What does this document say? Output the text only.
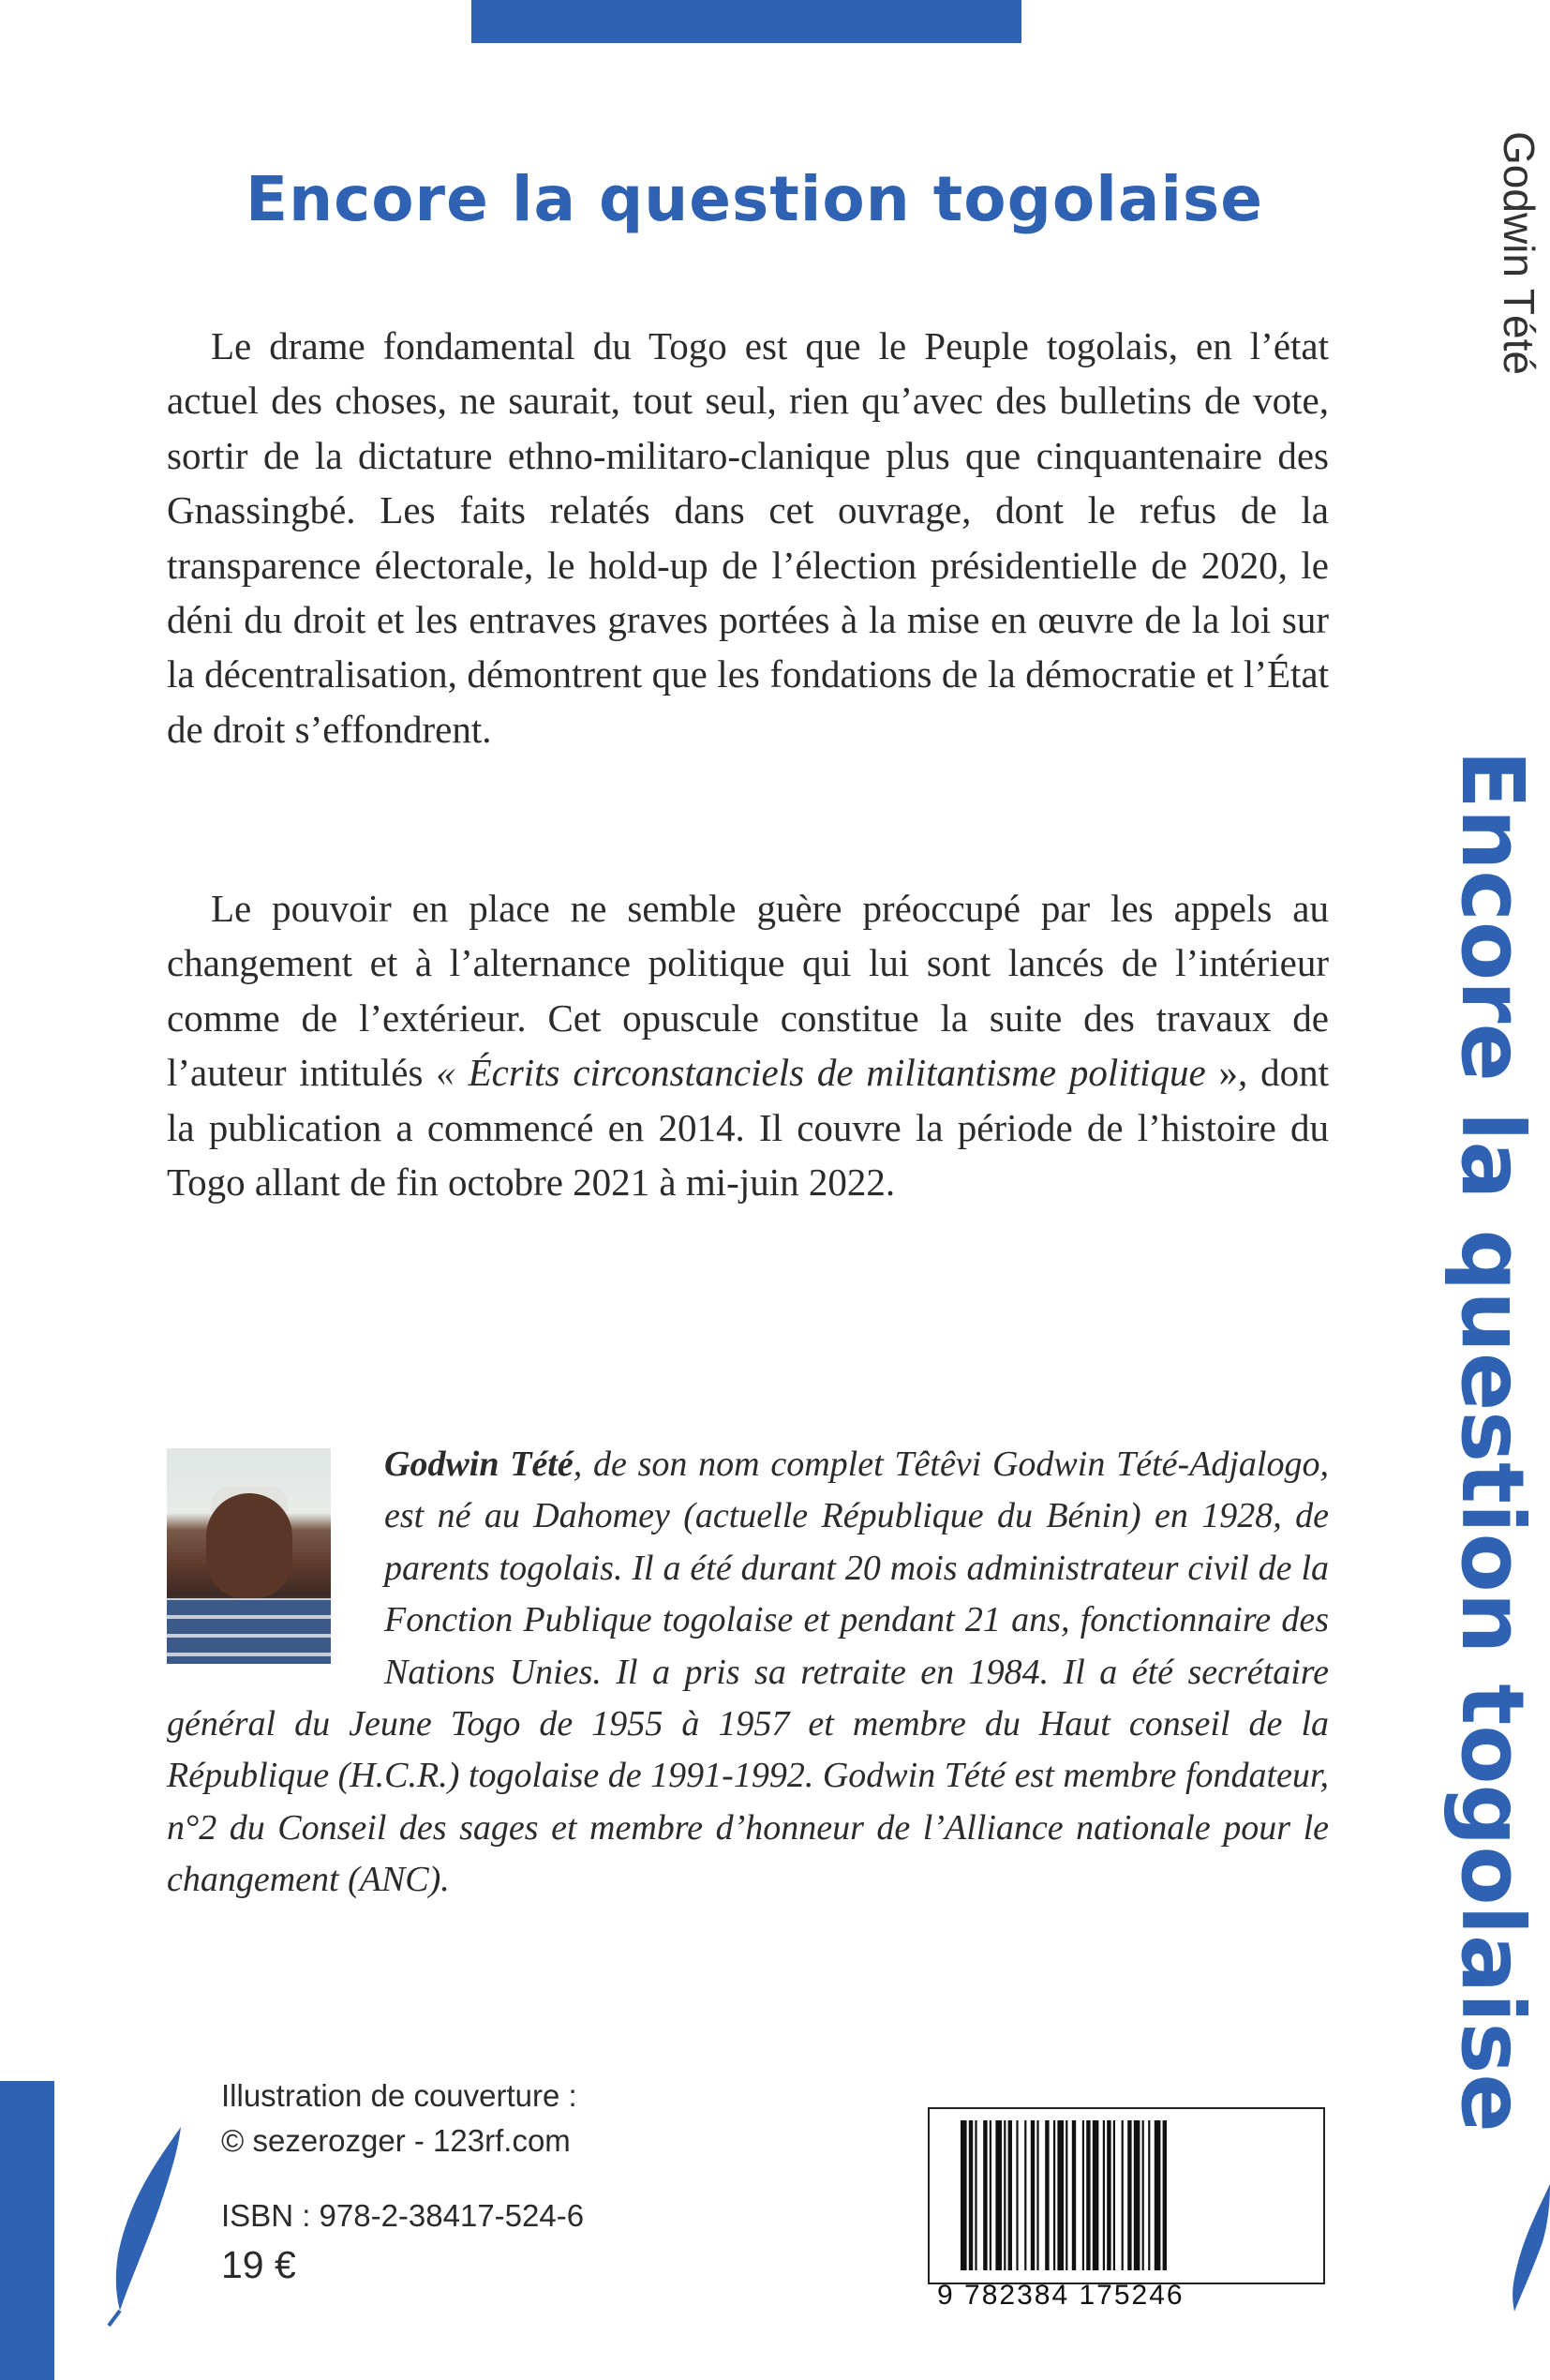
Encore la question togolaise

Le drame fondamental du Togo est que le Peuple togolais, en l’état actuel des choses, ne saurait, tout seul, rien qu’avec des bulletins de vote, sortir de la dictature ethno-militaro-clanique plus que cinquantenaire des Gnassingbé. Les faits relatés dans cet ouvrage, dont le refus de la transparence électorale, le hold-up de l’élection présidentielle de 2020, le déni du droit et les entraves graves portées à la mise en œuvre de la loi sur la décentralisation, démontrent que les fondations de la démocratie et l’État de droit s’effondrent.

Le pouvoir en place ne semble guère préoccupé par les appels au changement et à l’alternance politique qui lui sont lancés de l’intérieur comme de l’extérieur. Cet opuscule constitue la suite des travaux de l’auteur intitulés « Écrits circonstanciels de militantisme politique », dont la publication a commencé en 2014. Il couvre la période de l’histoire du Togo allant de fin octobre 2021 à mi-juin 2022.

Godwin Tété, de son nom complet Têtêvi Godwin Tété-Adjalogo, est né au Dahomey (actuelle République du Bénin) en 1928, de parents togolais. Il a été durant 20 mois administrateur civil de la Fonction Publique togolaise et pendant 21 ans, fonctionnaire des Nations Unies. Il a pris sa retraite en 1984. Il a été secrétaire général du Jeune Togo de 1955 à 1957 et membre du Haut conseil de la République (H.C.R.) togolaise de 1991-1992. Godwin Tété est membre fondateur, n°2 du Conseil des sages et membre d’honneur de l’Alliance nationale pour le changement (ANC).

Illustration de couverture :
© sezerozger - 123rf.com
ISBN : 978-2-38417-524-6
19 €
9 782384 175246
Godwin Tété
Encore la question togolaise
